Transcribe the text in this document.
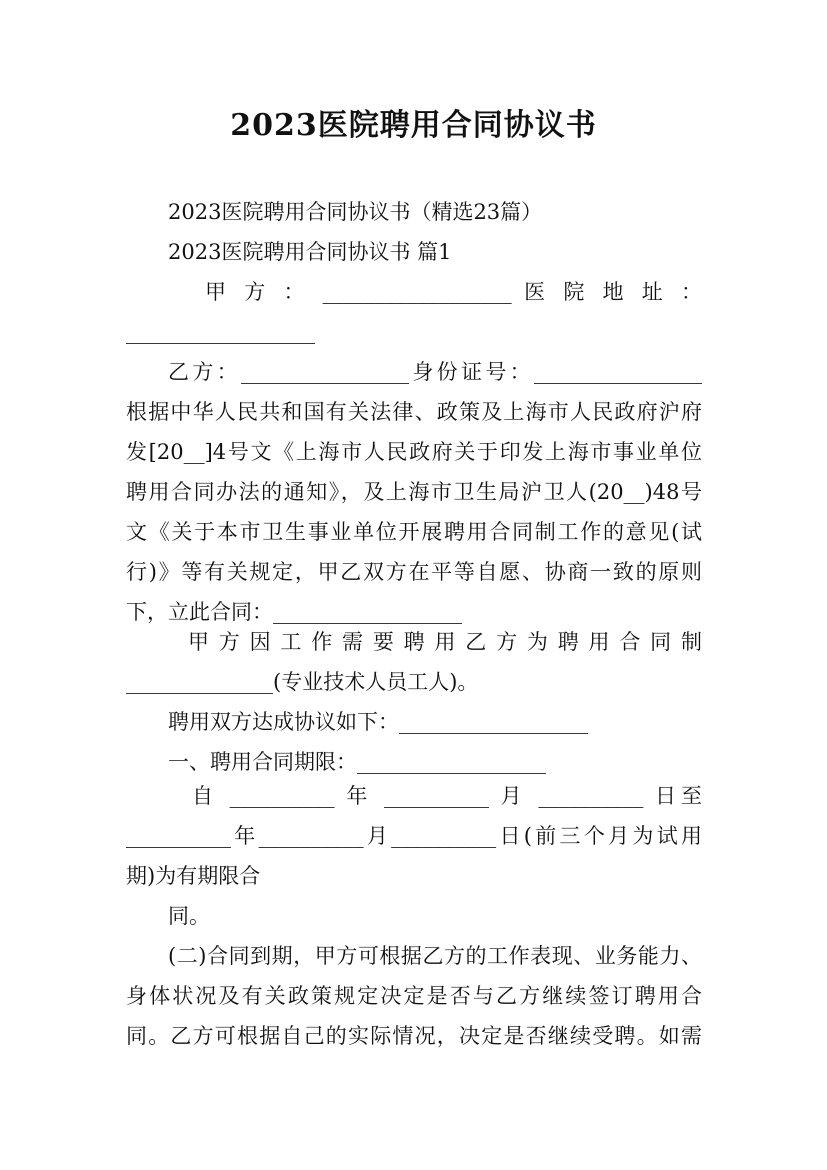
2023医院聘用合同协议书
2023医院聘用合同协议书（精选23篇）
2023医院聘用合同协议书 篇1
甲 方 ： __________________ 医 院 地 址 ：
__________________
乙方：________________身份证号：________________
根据中华人民共和国有关法律、政策及上海市人民政府沪府
发[20__]4号文《上海市人民政府关于印发上海市事业单位
聘用合同办法的通知》，及上海市卫生局沪卫人(20__)48号
文《关于本市卫生事业单位开展聘用合同制工作的意见(试
行)》等有关规定，甲乙双方在平等自愿、协商一致的原则
下，立此合同：__________________
甲方因工作需要聘用乙方为聘用合同制
______________(专业技术人员工人)。
聘用双方达成协议如下：__________________
一、聘用合同期限：__________________
自 __________ 年 __________ 月 __________ 日至
__________年__________月__________日(前三个月为试用
期)为有期限合
同。
(二)合同到期，甲方可根据乙方的工作表现、业务能力、
身体状况及有关政策规定决定是否与乙方继续签订聘用合
同。乙方可根据自己的实际情况，决定是否继续受聘。如需
